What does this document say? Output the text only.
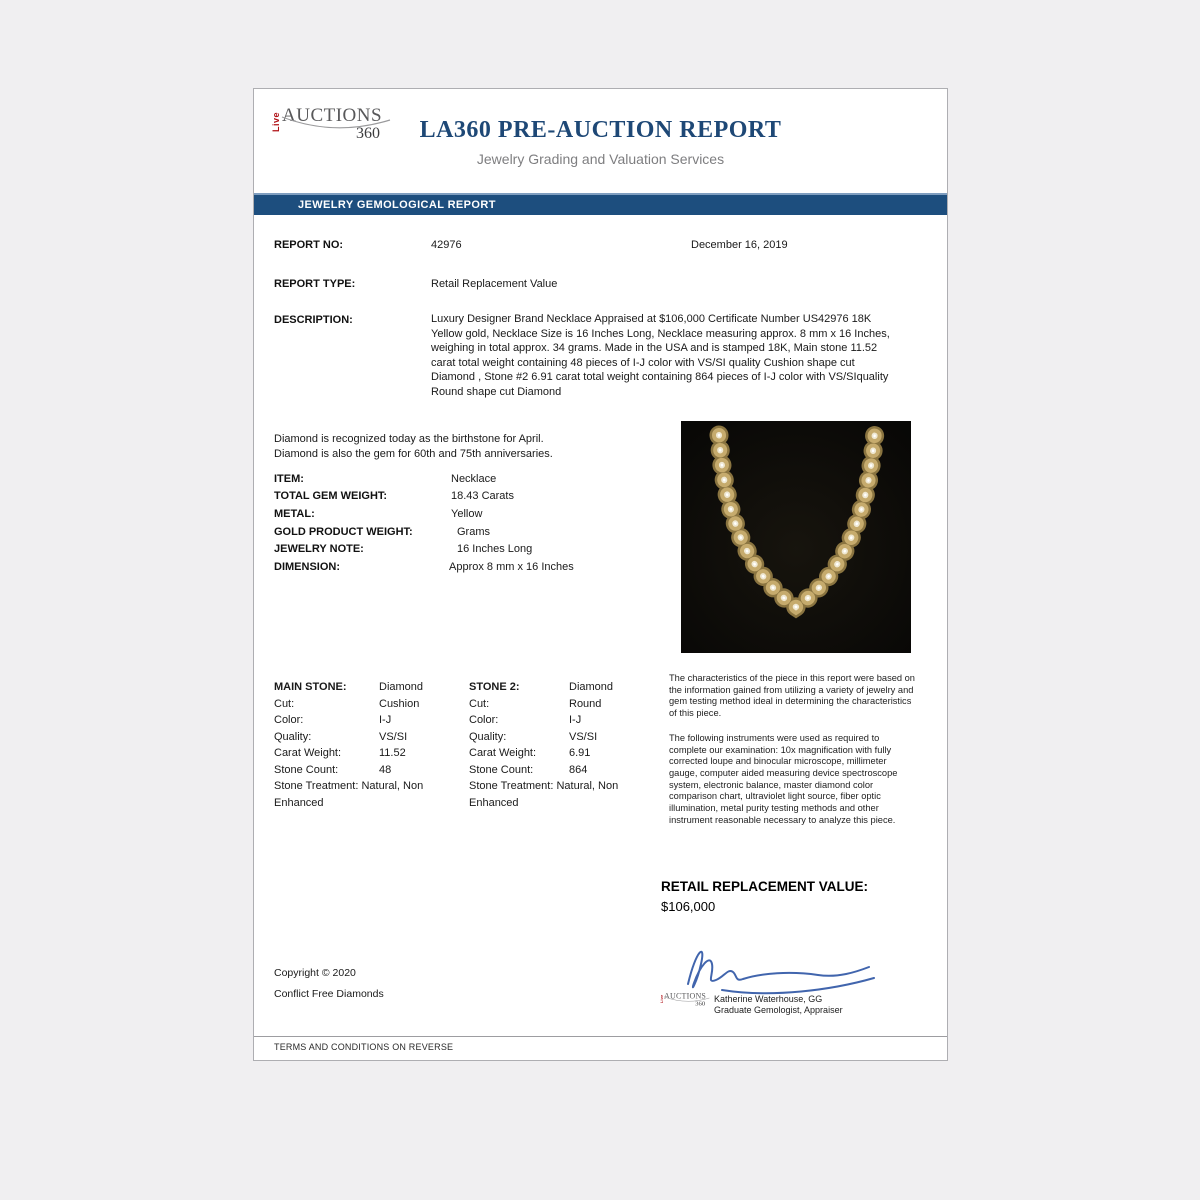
Live AUCTIONS
360	LA360 PRE-AUCTION REPORT
Jewelry Grading and Valuation Services
JEWELRY GEMOLOGICAL REPORT
REPORT NO:	42976	December 16, 2019
REPORT TYPE:	Retail Replacement Value
DESCRIPTION:	Luxury Designer Brand Necklace Appraised at $106,000 Certificate Number US42976 18K Yellow gold, Necklace Size is 16 Inches Long, Necklace measuring approx. 8 mm x 16 Inches, weighing in total approx. 34 grams. Made in the USA and is stamped 18K, Main stone 11.52 carat total weight containing 48 pieces of I-J color with VS/SI quality Cushion shape cut Diamond , Stone #2 6.91 carat total weight containing 864 pieces of I-J color with VS/SIquality Round shape cut Diamond
Diamond is recognized today as the birthstone for April.
Diamond is also the gem for 60th and 75th anniversaries.
ITEM:	Necklace
TOTAL GEM WEIGHT:	18.43 Carats
METAL:	Yellow
GOLD PRODUCT WEIGHT:	Grams
JEWELRY NOTE:	16 Inches Long
DIMENSION:	Approx 8 mm x 16 Inches
MAIN STONE:	Diamond
Cut:	Cushion
Color:	I-J
Quality:	VS/SI
Carat Weight:	11.52
Stone Count:	48
Stone Treatment: Natural, Non Enhanced
STONE 2:	Diamond
Cut:	Round
Color:	I-J
Quality:	VS/SI
Carat Weight:	6.91
Stone Count:	864
Stone Treatment: Natural, Non Enhanced

The characteristics of the piece in this report were based on the information gained from utilizing a variety of jewelry and gem testing method ideal in determining the characteristics of this piece.

The following instruments were used as required to complete our examination: 10x magnification with fully corrected loupe and binocular microscope, millimeter gauge, computer aided measuring device spectroscope system, electronic balance, master diamond color comparison chart, ultraviolet light source, fiber optic illumination, metal purity testing methods and other instrument reasonable necessary to analyze this piece.

RETAIL REPLACEMENT VALUE:
$106,000
Copyright © 2020
Conflict Free Diamonds	Live AUCTIONS
360 Katherine Waterhouse, GG
Graduate Gemologist, Appraiser
TERMS AND CONDITIONS ON REVERSE
